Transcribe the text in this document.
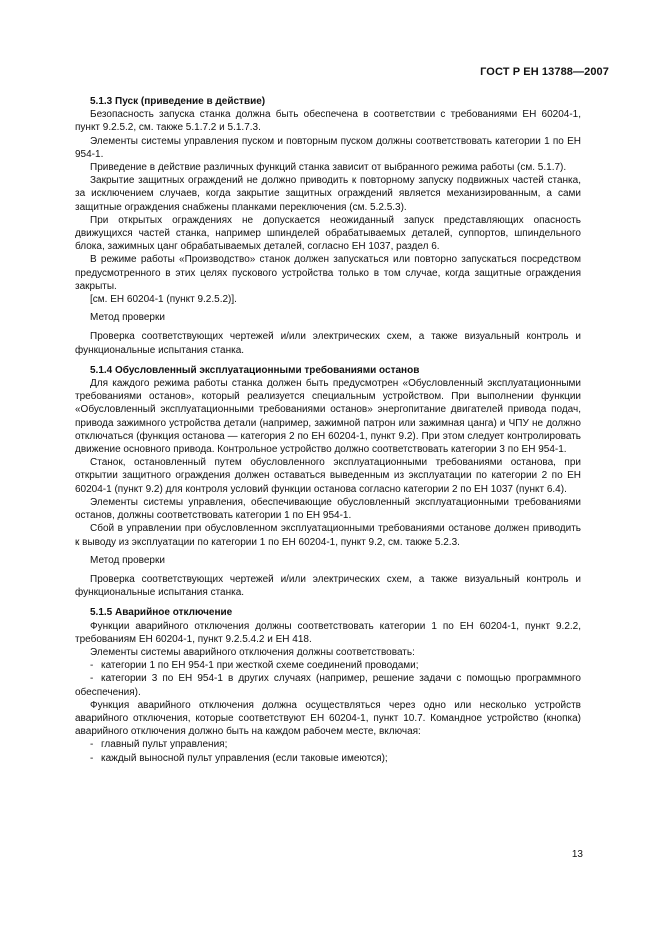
ГОСТ Р ЕН 13788—2007

5.1.3 Пуск (приведение в действие)

Безопасность запуска станка должна быть обеспечена в соответствии с требованиями ЕН 60204-1, пункт 9.2.5.2, см. также 5.1.7.2 и 5.1.7.3.

Элементы системы управления пуском и повторным пуском должны соответствовать категории 1 по ЕН 954-1.

Приведение в действие различных функций станка зависит от выбранного режима работы (см. 5.1.7).

Закрытие защитных ограждений не должно приводить к повторному запуску подвижных частей станка, за исключением случаев, когда закрытие защитных ограждений является механизированным, а сами защитные ограждения снабжены планками переключения (см. 5.2.5.3).

При открытых ограждениях не допускается неожиданный запуск представляющих опасность движущихся частей станка, например шпинделей обрабатываемых деталей, суппортов, шпиндельного блока, зажимных цанг обрабатываемых деталей, согласно ЕН 1037, раздел 6.

В режиме работы «Производство» станок должен запускаться или повторно запускаться посредством предусмотренного в этих целях пускового устройства только в том случае, когда защитные ограждения закрыты.

[см. ЕН 60204-1 (пункт 9.2.5.2)].

Метод проверки

Проверка соответствующих чертежей и/или электрических схем, а также визуальный контроль и функциональные испытания станка.

5.1.4 Обусловленный эксплуатационными требованиями останов

Для каждого режима работы станка должен быть предусмотрен «Обусловленный эксплуатационными требованиями останов», который реализуется специальным устройством. При выполнении функции «Обусловленный эксплуатационными требованиями останов» энергопитание двигателей привода подач, привода зажимного устройства детали (например, зажимной патрон или зажимная цанга) и ЧПУ не должно отключаться (функция останова — категория 2 по ЕН 60204-1, пункт 9.2). При этом следует контролировать движение основного привода. Контрольное устройство должно соответствовать категории 3 по ЕН 954-1.

Станок, остановленный путем обусловленного эксплуатационными требованиями останова, при открытии защитного ограждения должен оставаться выведенным из эксплуатации по категории 2 по ЕН 60204-1 (пункт 9.2) для контроля условий функции останова согласно категории 2 по ЕН 1037 (пункт 6.4).

Элементы системы управления, обеспечивающие обусловленный эксплуатационными требованиями останов, должны соответствовать категории 1 по ЕН 954-1.

Сбой в управлении при обусловленном эксплуатационными требованиями останове должен приводить к выводу из эксплуатации по категории 1 по ЕН 60204-1, пункт 9.2, см. также 5.2.3.

Метод проверки

Проверка соответствующих чертежей и/или электрических схем, а также визуальный контроль и функциональные испытания станка.

5.1.5 Аварийное отключение

Функции аварийного отключения должны соответствовать категории 1 по ЕН 60204-1, пункт 9.2.2, требованиям ЕН 60204-1, пункт 9.2.5.4.2 и ЕН 418.

Элементы системы аварийного отключения должны соответствовать:

- категории 1 по ЕН 954-1 при жесткой схеме соединений проводами;
- категории 3 по ЕН 954-1 в других случаях (например, решение задачи с помощью программного обеспечения).

Функция аварийного отключения должна осуществляться через одно или несколько устройств аварийного отключения, которые соответствуют ЕН 60204-1, пункт 10.7. Командное устройство (кнопка) аварийного отключения должно быть на каждом рабочем месте, включая:

- главный пульт управления;
- каждый выносной пульт управления (если таковые имеются);
13
